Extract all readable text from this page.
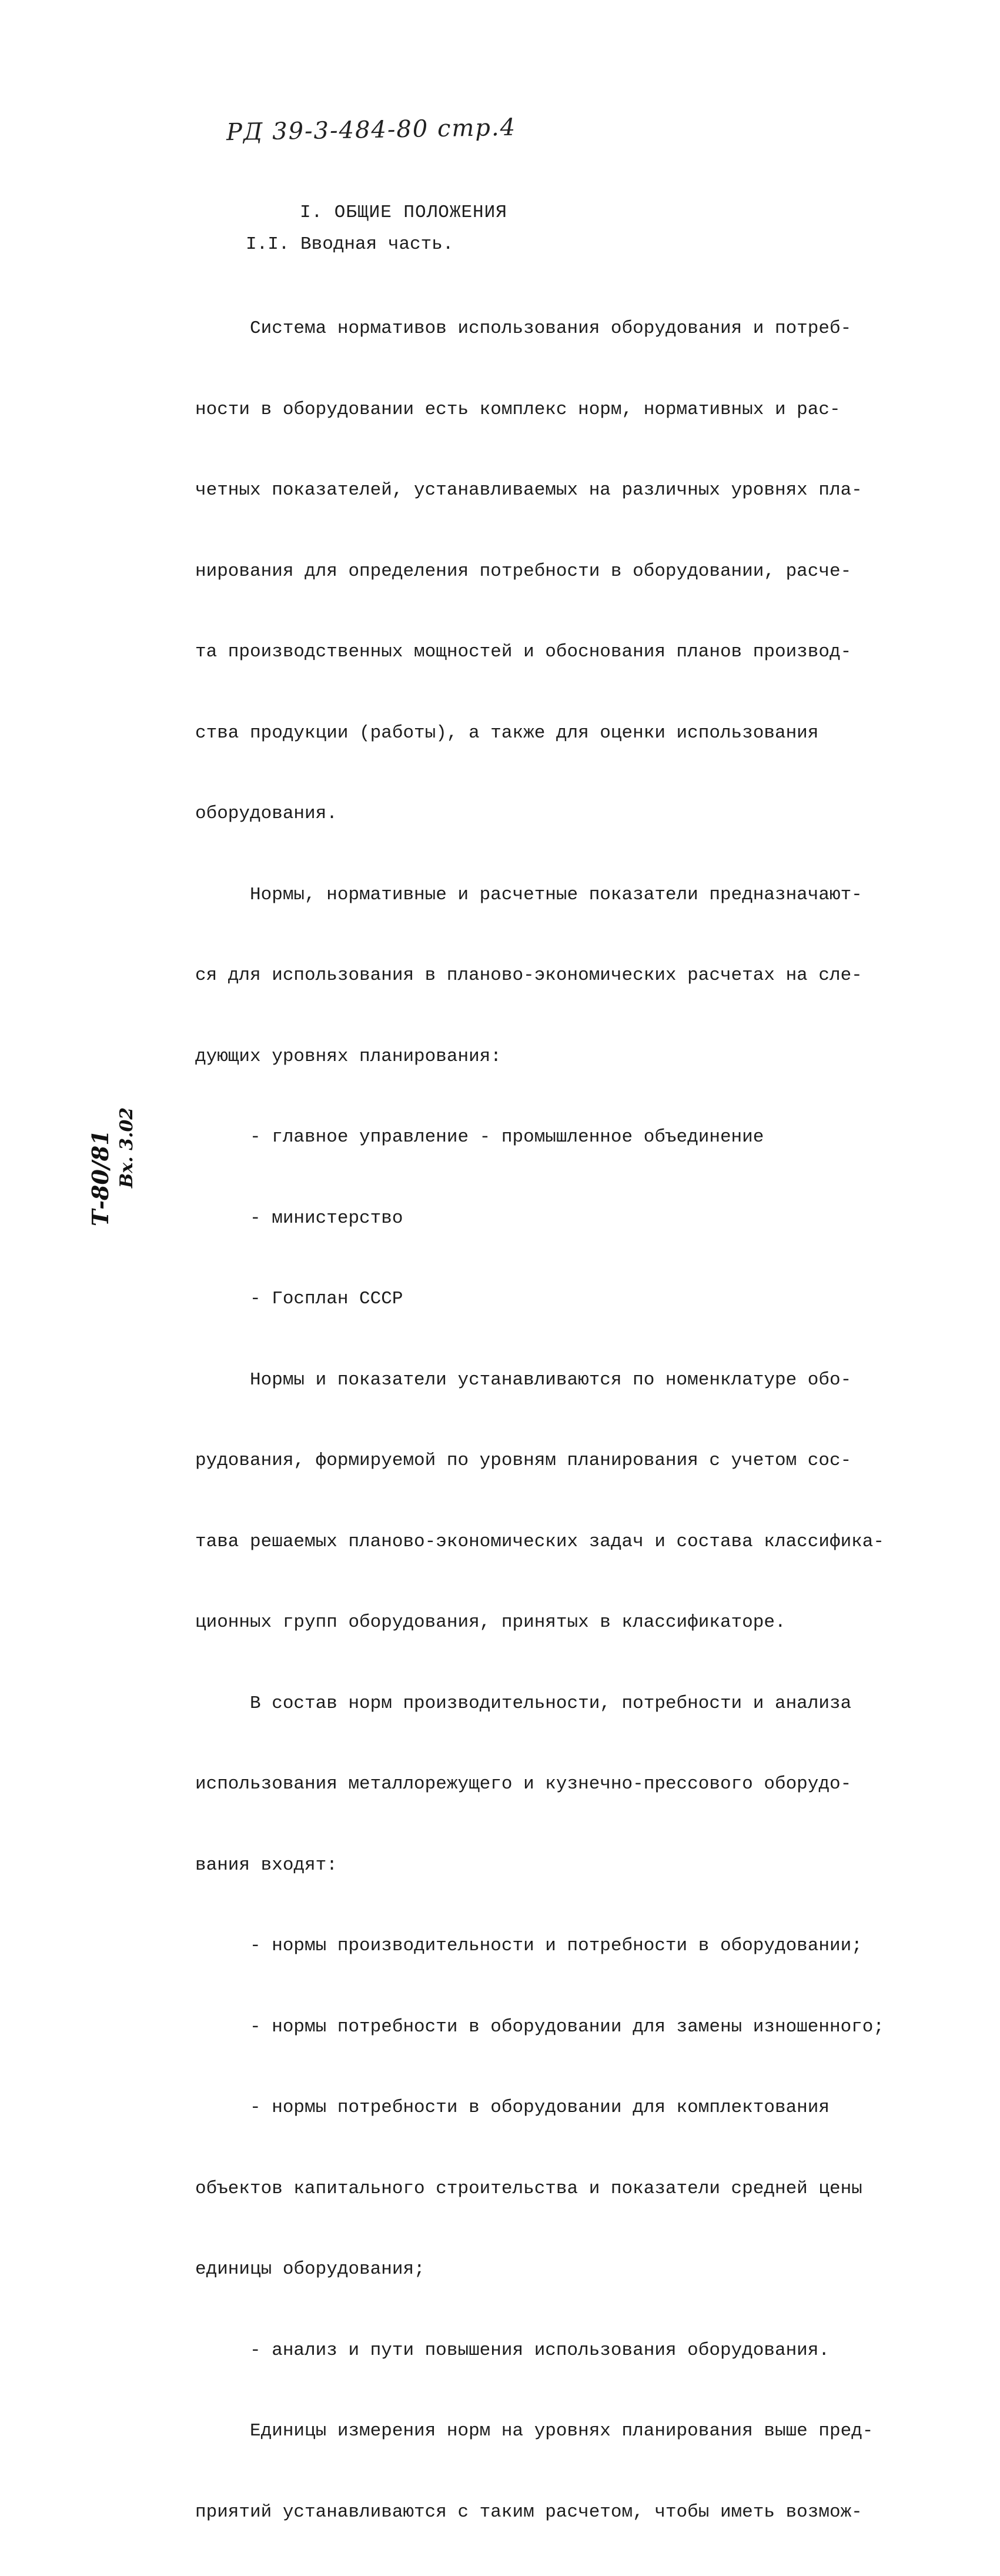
РД 39-3-484-80 стр.4
I. ОБЩИЕ ПОЛОЖЕНИЯ
I.I. Вводная часть.

Система нормативов использования оборудования и потреб-

ности в оборудовании есть комплекс норм, нормативных и рас-

четных показателей, устанавливаемых на различных уровнях пла-

нирования для определения потребности в оборудовании, расче-

та производственных мощностей и обоснования планов производ-

ства продукции (работы), а также для оценки использования

оборудования.

Нормы, нормативные и расчетные показатели предназначают-

ся для использования в планово-экономических расчетах на сле-

дующих уровнях планирования:

- главное управление - промышленное объединение

- министерство

- Госплан СССР

Нормы и показатели устанавливаются по номенклатуре обо-

рудования, формируемой по уровням планирования с учетом сос-

тава решаемых планово-экономических задач и состава классифика-

ционных групп оборудования, принятых в классификаторе.

В состав норм производительности, потребности и анализа

использования металлорежущего и кузнечно-прессового оборудо-

вания входят:

- нормы производительности и потребности в оборудовании;

- нормы потребности в оборудовании для замены изношенного;

- нормы потребности в оборудовании для комплектования

объектов капитального строительства и показатели средней цены

единицы оборудования;

- анализ и пути повышения использования оборудования.

Единицы измерения норм на уровнях планирования выше пред-

приятий устанавливаются с таким расчетом, чтобы иметь возмож-

Т-80/81 Вх. 3.02
